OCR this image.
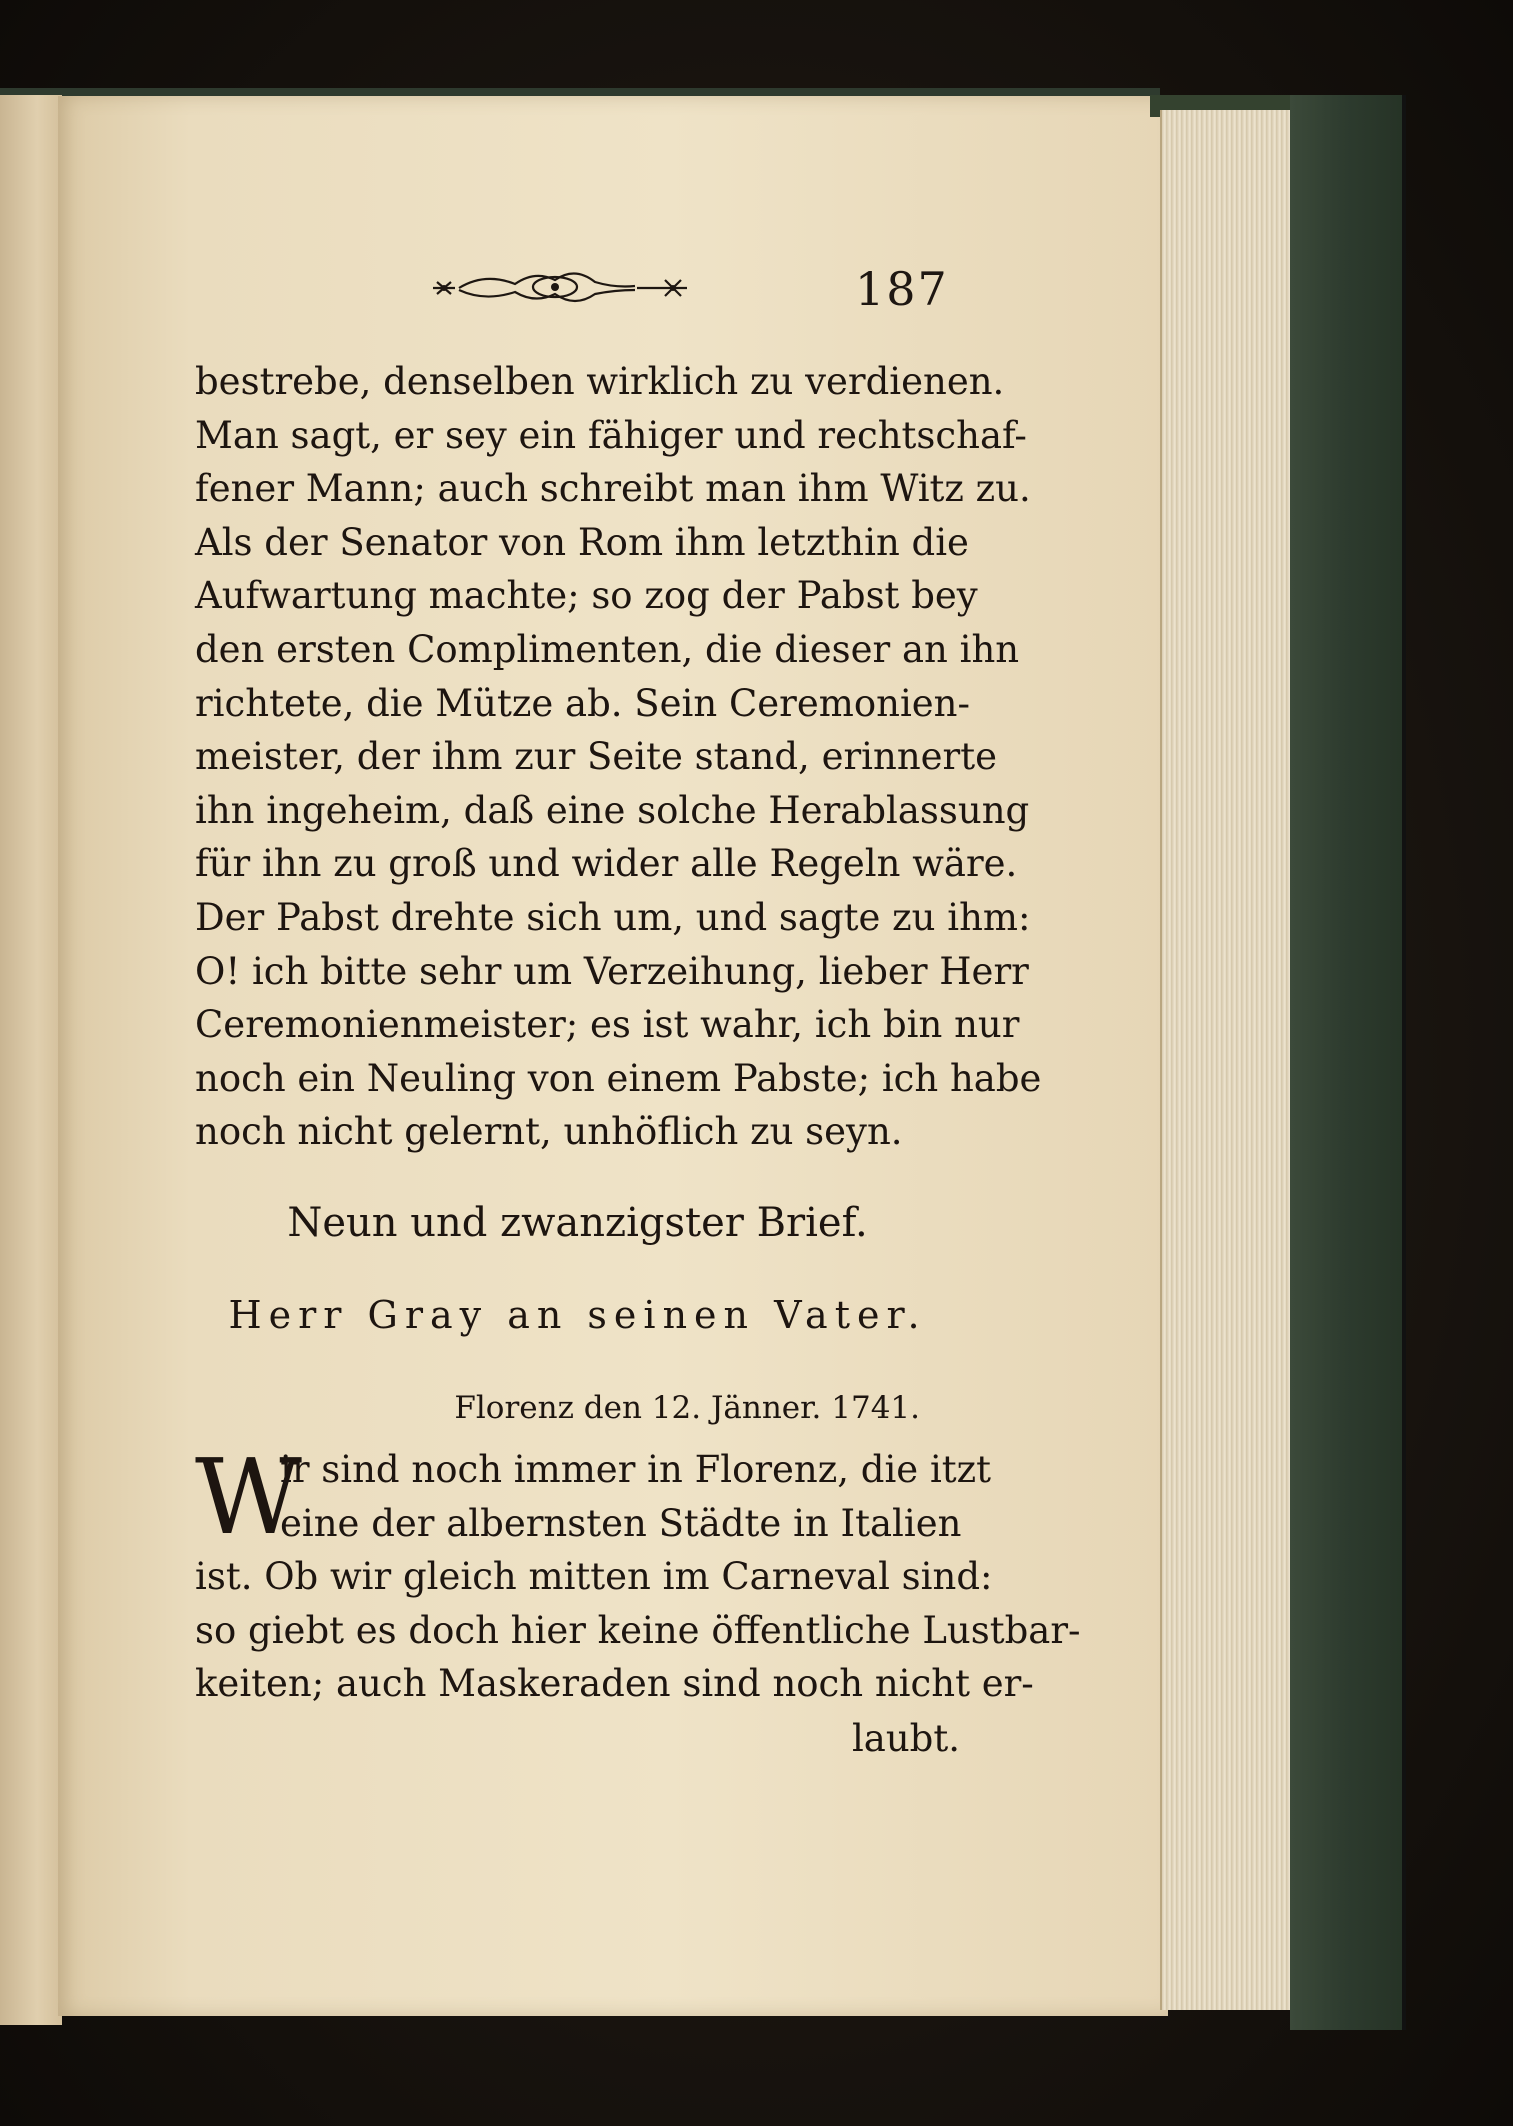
187
bestrebe, denselben wirklich zu verdienen.
Man sagt, er sey ein fähiger und rechtschaf-
fener Mann; auch schreibt man ihm Witz zu.
Als der Senator von Rom ihm letzthin die
Aufwartung machte; so zog der Pabst bey
den ersten Complimenten, die dieser an ihn
richtete, die Mütze ab. Sein Ceremonien-
meister, der ihm zur Seite stand, erinnerte
ihn ingeheim, daß eine solche Herablassung
für ihn zu groß und wider alle Regeln wäre.
Der Pabst drehte sich um, und sagte zu ihm:
O! ich bitte sehr um Verzeihung, lieber Herr
Ceremonienmeister; es ist wahr, ich bin nur
noch ein Neuling von einem Pabste; ich habe
noch nicht gelernt, unhöflich zu seyn.
Neun und zwanzigster Brief.
Herr Gray an seinen Vater.
Florenz den 12. Jänner. 1741.
W
ir sind noch immer in Florenz, die itzt
eine der albernsten Städte in Italien
ist. Ob wir gleich mitten im Carneval sind:
so giebt es doch hier keine öffentliche Lustbar-
keiten; auch Maskeraden sind noch nicht er-
laubt.
